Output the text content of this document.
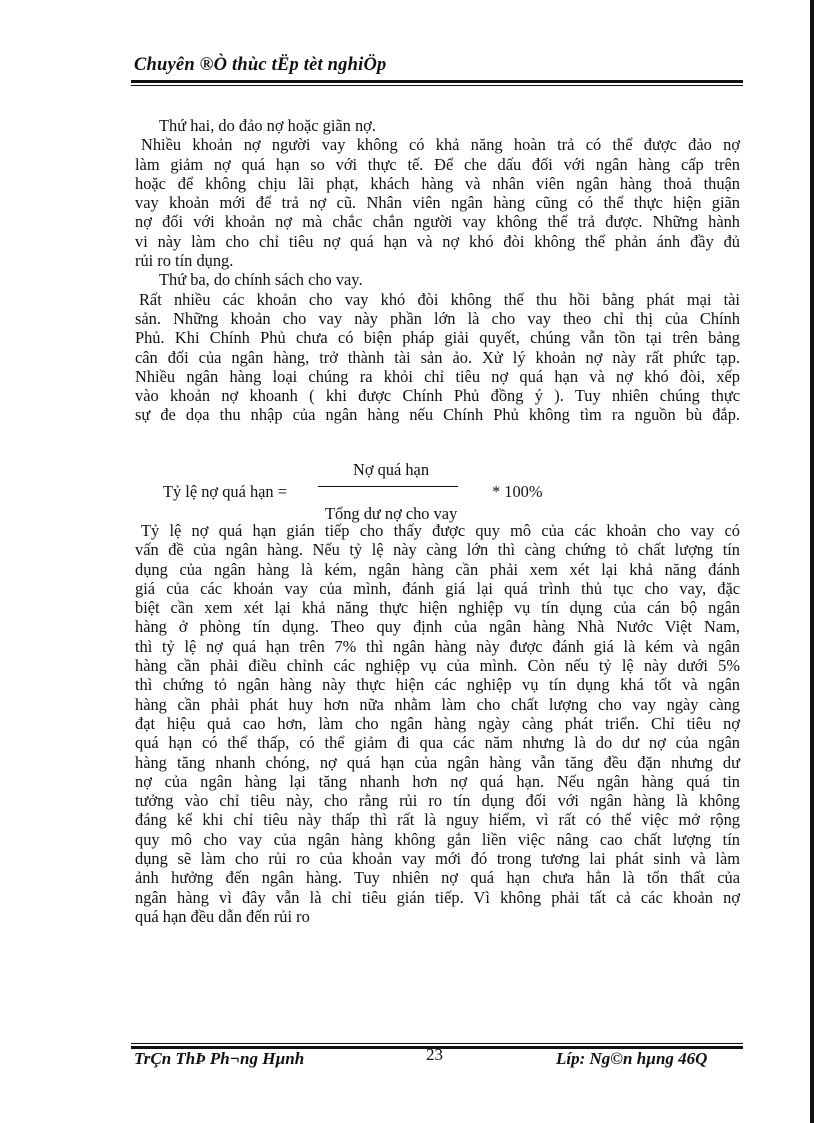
Chuyên ®Ò thùc tËp tèt nghiÖp
Thứ hai, do đảo nợ hoặc giãn nợ.
Nhiều khoản nợ người vay không có khả năng hoàn trả có thể được đảo nợ
làm giảm nợ quá hạn so với thực tế. Để che dấu đối với ngân hàng cấp trên
hoặc để không chịu lãi phạt, khách hàng và nhân viên ngân hàng thoả thuận
vay khoản mới để trả nợ cũ. Nhân viên ngân hàng cũng có thể thực hiện giãn
nợ đối với khoản nợ mà chắc chắn người vay không thể trả được. Những hành
vi này làm cho chỉ tiêu nợ quá hạn và nợ khó đòi không thể phản ánh đầy đủ
rủi ro tín dụng.
Thứ ba, do chính sách cho vay.
Rất nhiều các khoản cho vay khó đòi không thể thu hồi bằng phát mại tài
sản. Những khoản cho vay này phần lớn là cho vay theo chỉ thị của Chính
Phủ. Khi Chính Phủ chưa có biện pháp giải quyết, chúng vẫn tồn tại trên bảng
cân đối của ngân hàng, trở thành tài sản ảo. Xử lý khoản nợ này rất phức tạp.
Nhiều ngân hàng loại chúng ra khỏi chỉ tiêu nợ quá hạn và nợ khó đòi, xếp
vào khoản nợ khoanh ( khi được Chính Phủ đồng ý ). Tuy nhiên chúng thực
sự đe dọa thu nhập của ngân hàng nếu Chính Phủ không tìm ra nguồn bù đắp.
Tỷ lệ nợ quá hạn =
Nợ quá hạn
Tổng dư nợ cho vay
* 100%
Tỷ lệ nợ quá hạn gián tiếp cho thấy được quy mô của các khoản cho vay có
vấn đề của ngân hàng. Nếu tỷ lệ này càng lớn thì càng chứng tỏ chất lượng tín
dụng của ngân hàng là kém, ngân hàng cần phải xem xét lại khả năng đánh
giá của các khoản vay của mình, đánh giá lại quá trình thủ tục cho vay, đặc
biệt cần xem xét lại khả năng thực hiện nghiệp vụ tín dụng của cán bộ ngân
hàng ở phòng tín dụng. Theo quy định của ngân hàng Nhà Nước Việt Nam,
thì tỷ lệ nợ quá hạn trên 7% thì ngân hàng này được đánh giá là kém và ngân
hàng cần phải điều chỉnh các nghiệp vụ của mình. Còn nếu tỷ lệ này dưới 5%
thì chứng tỏ ngân hàng này thực hiện các nghiệp vụ tín dụng khá tốt và ngân
hàng cần phải phát huy hơn nữa nhằm làm cho chất lượng cho vay ngày càng
đạt hiệu quả cao hơn, làm cho ngân hàng ngày càng phát triển. Chỉ tiêu nợ
quá hạn có thể thấp, có thể giảm đi qua các năm nhưng là do dư nợ của ngân
hàng tăng nhanh chóng, nợ quá hạn của ngân hàng vẫn tăng đều đặn nhưng dư
nợ của ngân hàng lại tăng nhanh hơn nợ quá hạn. Nếu ngân hàng quá tin
tưởng vào chỉ tiêu này, cho rằng rủi ro tín dụng đối với ngân hàng là không
đáng kể khi chỉ tiêu này thấp thì rất là nguy hiểm, vì rất có thể việc mở rộng
quy mô cho vay của ngân hàng không gắn liền việc nâng cao chất lượng tín
dụng sẽ làm cho rủi ro của khoản vay mới đó trong tương lai phát sinh và làm
ảnh hưởng đến ngân hàng. Tuy nhiên nợ quá hạn chưa hẳn là tổn thất của
ngân hàng vì đây vẫn là chỉ tiêu gián tiếp. Vì không phải tất cả các khoản nợ
quá hạn đều dẫn đến rủi ro
TrÇn ThÞ Ph¬ng Hµnh	23	Líp: Ng©n hµng 46Q
